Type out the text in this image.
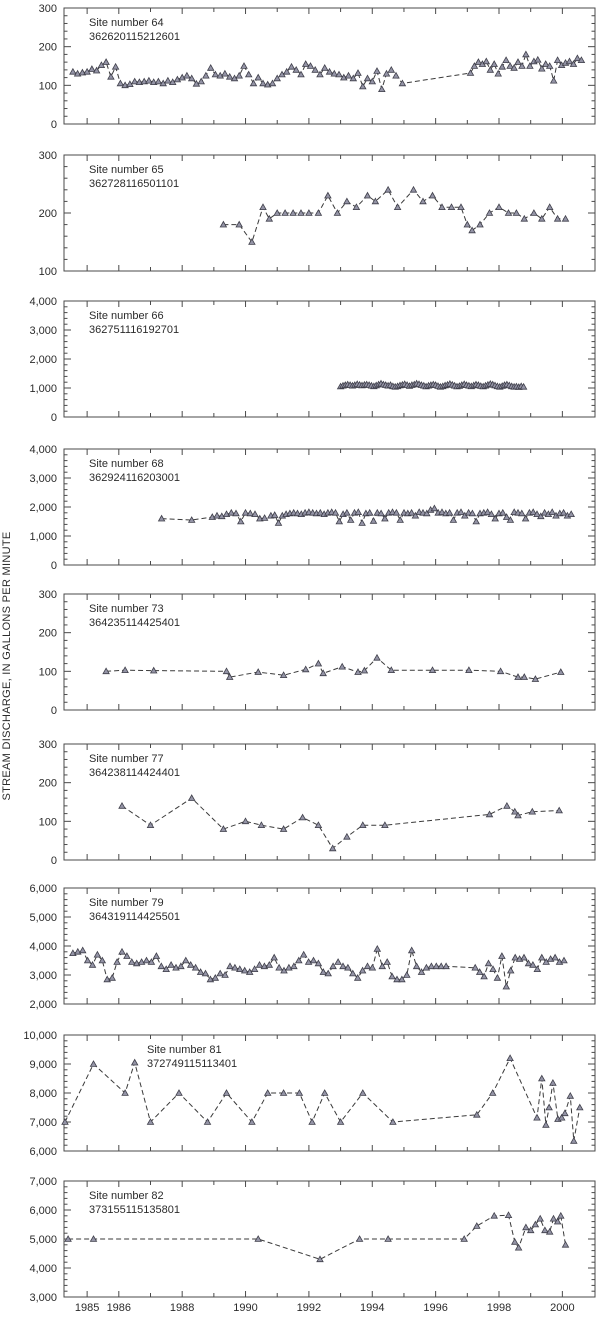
STREAM DISCHARGE, IN GALLONS PER MINUTE
0
100
200
300
Site number 64
362620115212601
100
200
300
Site number 65
362728116501101
0
1,000
2,000
3,000
4,000
Site number 66
362751116192701
0
1,000
2,000
3,000
4,000
Site number 68
362924116203001
0
100
200
300
Site number 73
364235114425401
0
100
200
300
Site number 77
364238114424401
2,000
3,000
4,000
5,000
6,000
Site number 79
364319114425501
6,000
7,000
8,000
9,000
10,000
Site number 81
372749115113401
3,000
4,000
5,000
6,000
7,000
Site number 82
373155115135801
1985 1986	1988	1990	1992	1994	1996	1998	2000
